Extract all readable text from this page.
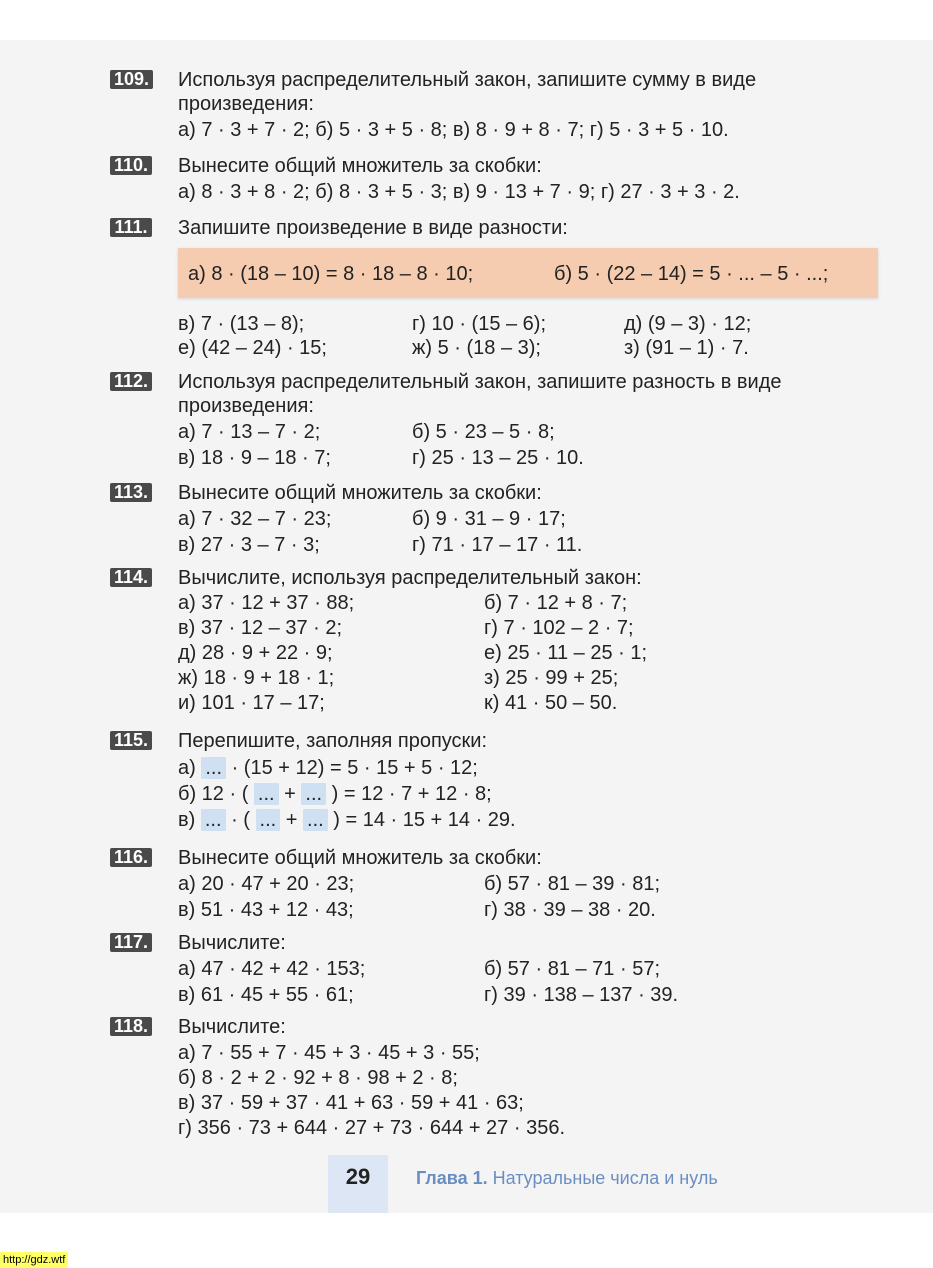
109. Используя распределительный закон, запишите сумму в виде
произведения:
а) 7 · 3 + 7 · 2; б) 5 · 3 + 5 · 8; в) 8 · 9 + 8 · 7; г) 5 · 3 + 5 · 10.
110. Вынесите общий множитель за скобки:
а) 8 · 3 + 8 · 2; б) 8 · 3 + 5 · 3; в) 9 · 13 + 7 · 9; г) 27 · 3 + 3 · 2.
111. Запишите произведение в виде разности:
а) 8 · (18 – 10) = 8 · 18 – 8 · 10;	б) 5 · (22 – 14) = 5 · ... – 5 · ...;
в) 7 · (13 – 8);
е) (42 – 24) · 15;
г) 10 · (15 – 6);
ж) 5 · (18 – 3);
д) (9 – 3) · 12;
з) (91 – 1) · 7.
112. Используя распределительный закон, запишите разность в виде
произведения:
а) 7 · 13 – 7 · 2;
в) 18 · 9 – 18 · 7;
б) 5 · 23 – 5 · 8;
г) 25 · 13 – 25 · 10.
113. Вынесите общий множитель за скобки:
а) 7 · 32 – 7 · 23;
в) 27 · 3 – 7 · 3;
б) 9 · 31 – 9 · 17;
г) 71 · 17 – 17 · 11.
114. Вычислите, используя распределительный закон:
а) 37 · 12 + 37 · 88;
в) 37 · 12 – 37 · 2;
д) 28 · 9 + 22 · 9;
ж) 18 · 9 + 18 · 1;
и) 101 · 17 – 17;
б) 7 · 12 + 8 · 7;
г) 7 · 102 – 2 · 7;
е) 25 · 11 – 25 · 1;
з) 25 · 99 + 25;
к) 41 · 50 – 50.
115. Перепишите, заполняя пропуски:
а) ... · (15 + 12) = 5 · 15 + 5 · 12;
б) 12 · ( ... + ... ) = 12 · 7 + 12 · 8;
в) ... · ( ... + ... ) = 14 · 15 + 14 · 29.
116. Вынесите общий множитель за скобки:
а) 20 · 47 + 20 · 23;
в) 51 · 43 + 12 · 43;
б) 57 · 81 – 39 · 81;
г) 38 · 39 – 38 · 20.
117. Вычислите:
а) 47 · 42 + 42 · 153;
в) 61 · 45 + 55 · 61;
б) 57 · 81 – 71 · 57;
г) 39 · 138 – 137 · 39.
118. Вычислите:
а) 7 · 55 + 7 · 45 + 3 · 45 + 3 · 55;
б) 8 · 2 + 2 · 92 + 8 · 98 + 2 · 8;
в) 37 · 59 + 37 · 41 + 63 · 59 + 41 · 63;
г) 356 · 73 + 644 · 27 + 73 · 644 + 27 · 356.
29	Глава 1. Натуральные числа и нуль
http://gdz.wtf
